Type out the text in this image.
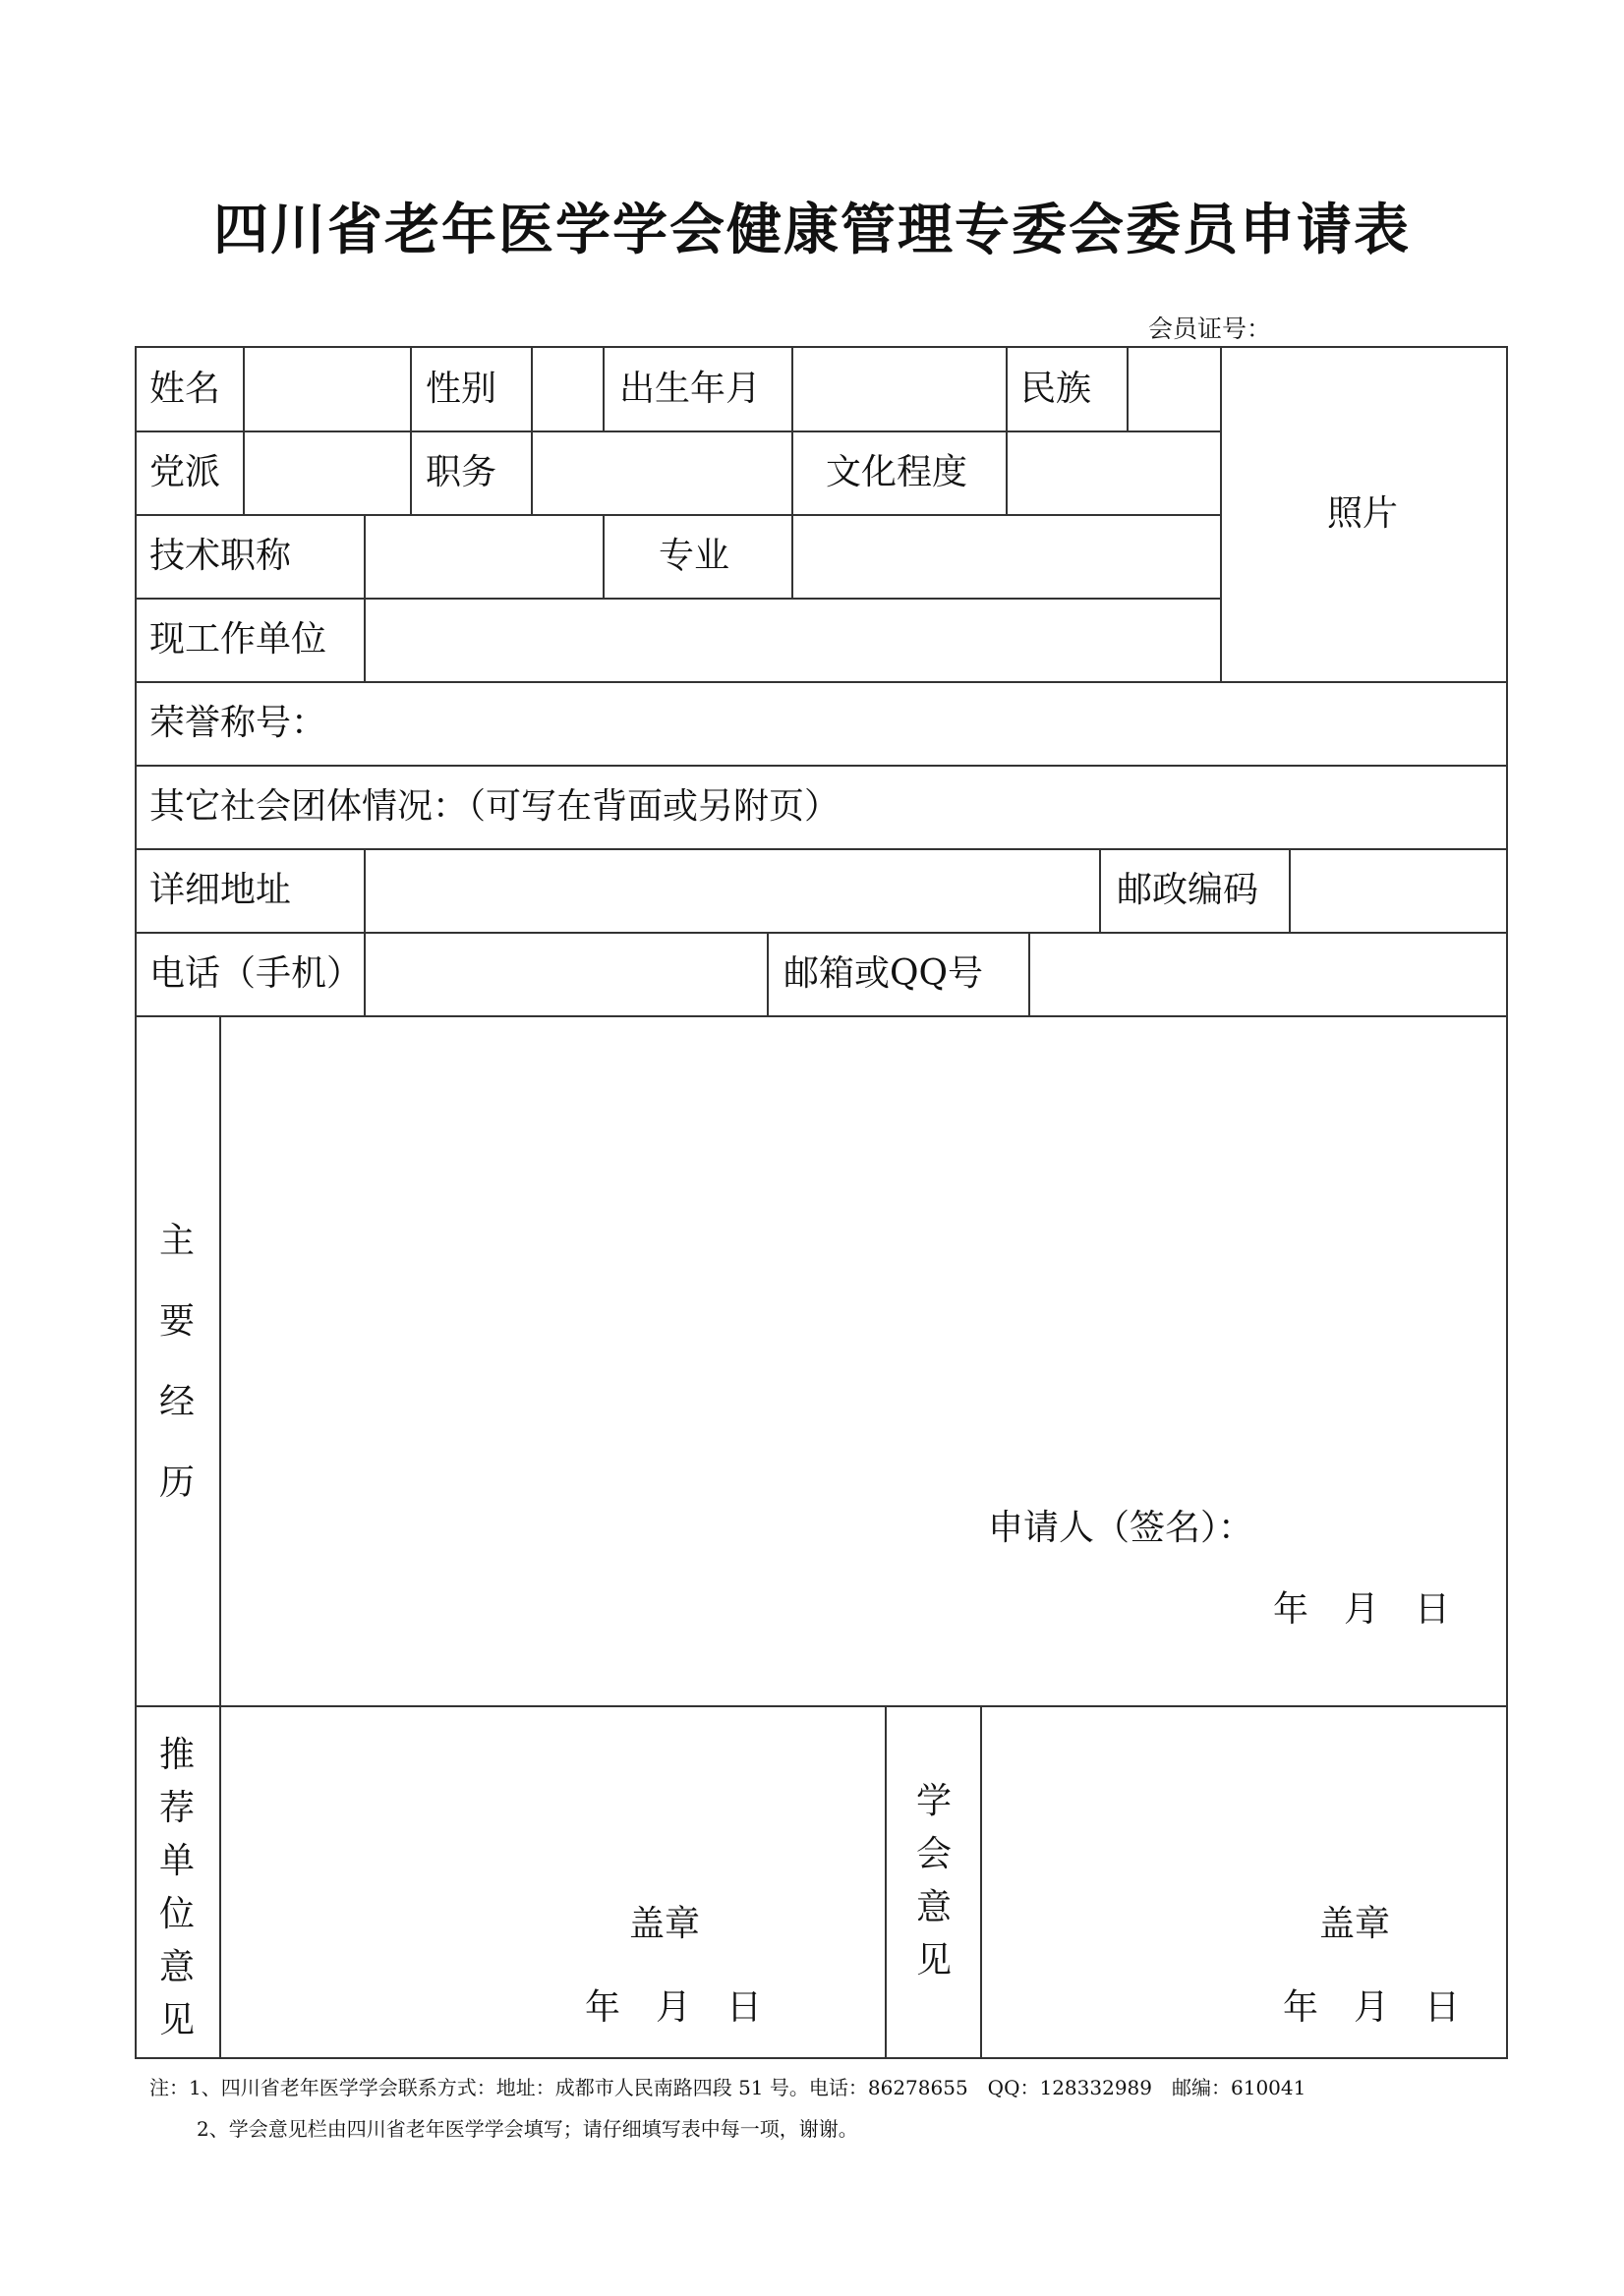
四川省老年医学学会健康管理专委会委员申请表
会员证号：
姓名	性别	出生年月	民族
党派	职务	文化程度
照片
技术职称	专业
现工作单位
荣誉称号：
其它社会团体情况：（可写在背面或另附页）
详细地址	邮政编码
电话（手机）	邮箱或QQ号
主
要
经
历
申请人（签名）：
年　月　日
推
荐
单
位
意
见
盖章
年　月　日
学
会
意
见
盖章
年　月　日
注：1、四川省老年医学学会联系方式：地址：成都市人民南路四段 51 号。电话：86278655　QQ：128332989　邮编：610041
2、学会意见栏由四川省老年医学学会填写；请仔细填写表中每一项，谢谢。
